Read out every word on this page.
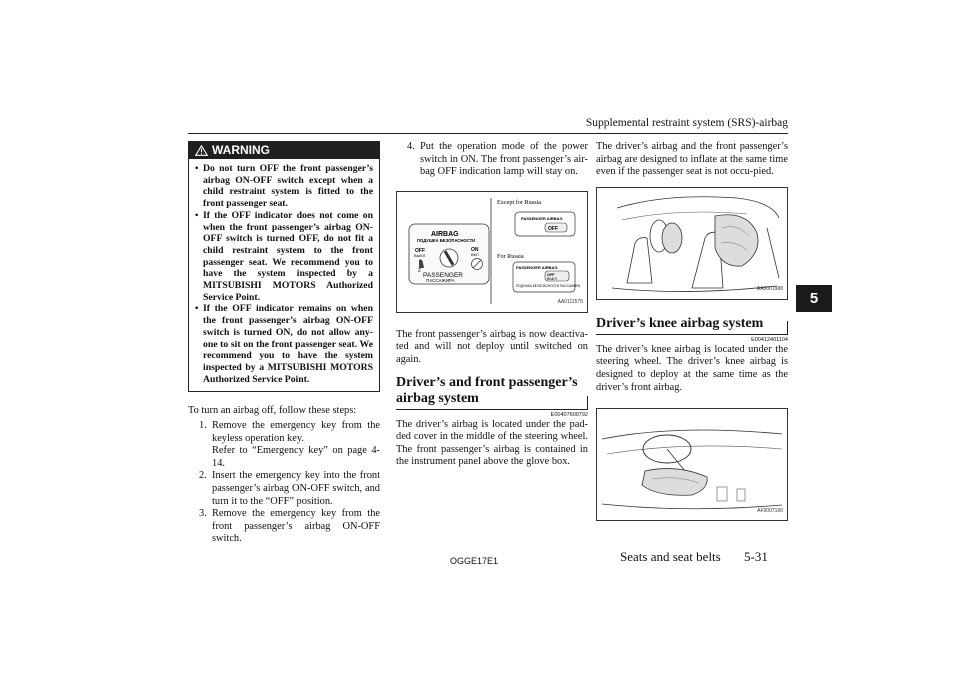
Supplemental restraint system (SRS)-airbag
5
WARNING
• Do not turn OFF the front passenger’s airbag ON-OFF switch except when a child restraint system is fitted to the front passenger seat.
• If the OFF indicator does not come on when the front passenger’s airbag ON-OFF switch is turned OFF, do not fit a child restraint system to the front passenger seat. We recommend you to have the system inspected by a MITSUBISHI MOTORS Authorized Service Point.
• If the OFF indicator remains on when the front passenger’s airbag ON-OFF switch is turned ON, do not allow any-one to sit on the front passenger seat. We recommend you to have the system inspected by a MITSUBISHI MOTORS Authorized Service Point.

To turn an airbag off, follow these steps:

1. Remove the emergency key from the keyless operation key.
Refer to “Emergency key” on page 4-14.
2. Insert the emergency key into the front passenger’s airbag ON-OFF switch, and turn it to the “OFF” position.
3. Remove the emergency key from the front passenger’s airbag ON-OFF switch.
4. Put the operation mode of the power switch in ON. The front passenger’s air-bag OFF indication lamp will stay on.
AIRBAG
ПОДУШКА БЕЗОПАСНОСТИ
OFF
ВЫКЛ
ON
ВКЛ
2
PASSENGER
ПАССАЖИРА
Except for Russia
PASSENGER AIRBAG
OFF
For Russia
PASSENGER AIRBAG
OFF
ВЫКЛ
ПОДУШКА БЕЗОПАСНОСТИ ПАССАЖИРА
AA0111575

The front passenger’s airbag is now deactiva-ted and will not deploy until switched on again.

Driver’s and front passenger’s airbag system
E00407600792

The driver’s airbag is located under the pad-ded cover in the middle of the steering wheel. The front passenger’s airbag is contained in the instrument panel above the glove box.

The driver’s airbag and the front passenger’s airbag are designed to inflate at the same time even if the passenger seat is not occu-pied.

AA0001988
Driver’s knee airbag system
E00412401104

The driver’s knee airbag is located under the steering wheel. The driver’s knee airbag is designed to deploy at the same time as the driver’s front airbag.

AF0007190
OGGE17E1	Seats and seat belts 5-31
